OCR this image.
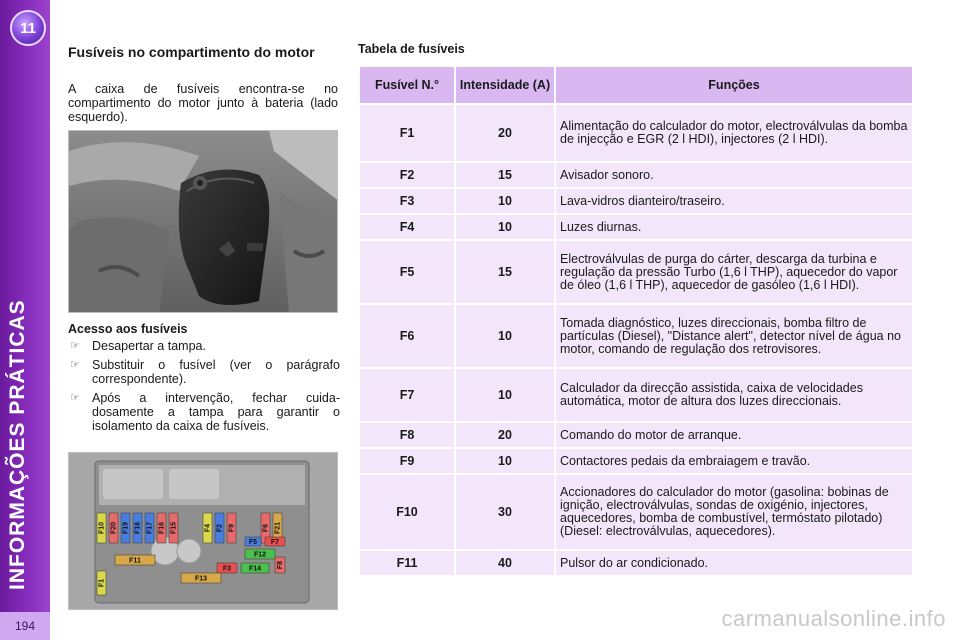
11
INFORMAÇÕES PRÁTICAS
194
Fusíveis no compartimento do motor
A caixa de fusíveis encontra-se no compartimento do motor junto à bateria (lado esquerdo).
Acesso aos fusíveis
☞ Desapertar a tampa.
☞ Substituir o fusível (ver o parágrafo correspondente).
☞ Após a intervenção, fechar cuida-dosamente a tampa para garantir o isolamento da caixa de fusíveis.
F10 F20 F19 F18 F17 F16 F15	F4 F2 F9	F6 F21
F5 F7
F12
F11
F3	F14 F8
F1
F13
Tabela de fusíveis
Fusível N.°	Intensidade (A)	Funções
F1	20	Alimentação do calculador do motor, electroválvulas da bomba de injecção e EGR (2 l HDI), injectores (2 l HDI).
F2	15	Avisador sonoro.
F3	10	Lava-vidros dianteiro/traseiro.
F4	10	Luzes diurnas.
F5	15	Electroválvulas de purga do cárter, descarga da turbina e regulação da pressão Turbo (1,6 l THP), aquecedor do vapor de óleo (1,6 l THP), aquecedor de gasóleo (1,6 l HDI).
F6	10	Tomada diagnóstico, luzes direccionais, bomba filtro de partículas (Diesel), "Distance alert", detector nível de água no motor, comando de regulação dos retrovisores.
F7	10	Calculador da direcção assistida, caixa de velocidades automática, motor de altura dos luzes direccionais.
F8	20	Comando do motor de arranque.
F9	10	Contactores pedais da embraiagem e travão.
F10	30	Accionadores do calculador do motor (gasolina: bobinas de ignição, electroválvulas, sondas de oxigénio, injectores, aquecedores, bomba de combustível, termóstato pilotado) (Diesel: electroválvulas, aquecedores).
F11	40	Pulsor do ar condicionado.
carmanualsonline.info
